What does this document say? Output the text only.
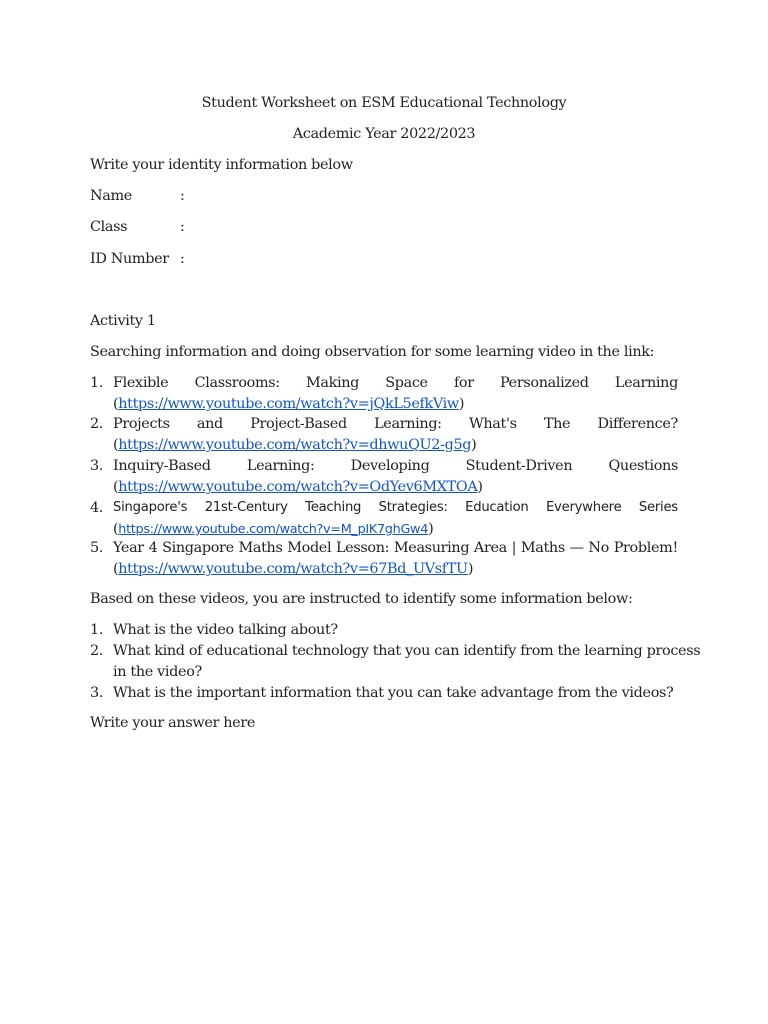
Student Worksheet on ESM Educational Technology
Academic Year 2022/2023
Write your identity information below
Name	:
Class	:
ID Number :
Activity 1
Searching information and doing observation for some learning video in the link:
1. Flexible Classrooms: Making Space for Personalized Learning
(https://www.youtube.com/watch?v=jQkL5efkViw)
2. Projects and Project-Based Learning: What's The Difference?
(https://www.youtube.com/watch?v=dhwuQU2-g5g)
3. Inquiry-Based	Learning:	Developing	Student-Driven	Questions
(https://www.youtube.com/watch?v=OdYev6MXTOA)
4. Singapore's 21st-Century Teaching Strategies: Education Everywhere Series
(https://www.youtube.com/watch?v=M_pIK7ghGw4)
5. Year 4 Singapore Maths Model Lesson: Measuring Area | Maths — No Problem!
(https://www.youtube.com/watch?v=67Bd_UVsfTU)
Based on these videos, you are instructed to identify some information below:
1. What is the video talking about?
2. What kind of educational technology that you can identify from the learning process
in the video?
3. What is the important information that you can take advantage from the videos?
Write your answer here
